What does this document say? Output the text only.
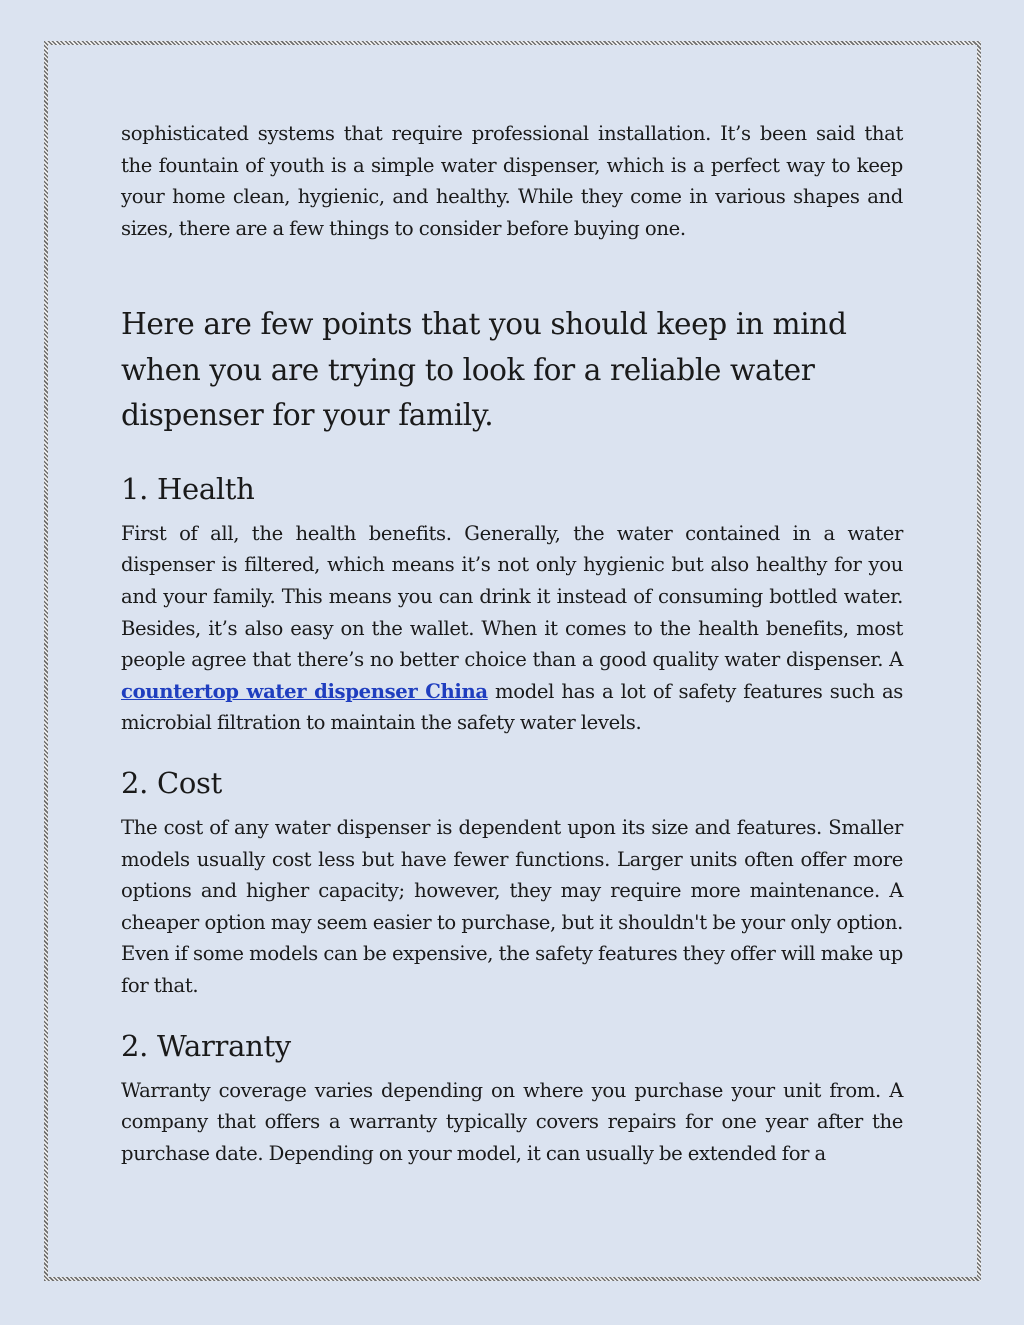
sophisticated systems that require professional installation. It’s been said that the fountain of youth is a simple water dispenser, which is a perfect way to keep your home clean, hygienic, and healthy. While they come in various shapes and sizes, there are a few things to consider before buying one.

Here are few points that you should keep in mind when you are trying to look for a reliable water dispenser for your family.
1. Health

First of all, the health benefits. Generally, the water contained in a water dispenser is filtered, which means it’s not only hygienic but also healthy for you and your family. This means you can drink it instead of consuming bottled water. Besides, it’s also easy on the wallet. When it comes to the health benefits, most people agree that there’s no better choice than a good quality water dispenser. A countertop water dispenser China model has a lot of safety features such as microbial filtration to maintain the safety water levels.

2. Cost

The cost of any water dispenser is dependent upon its size and features. Smaller models usually cost less but have fewer functions. Larger units often offer more options and higher capacity; however, they may require more maintenance. A cheaper option may seem easier to purchase, but it shouldn't be your only option. Even if some models can be expensive, the safety features they offer will make up for that.

2. Warranty

Warranty coverage varies depending on where you purchase your unit from. A company that offers a warranty typically covers repairs for one year after the purchase date. Depending on your model, it can usually be extended for a
